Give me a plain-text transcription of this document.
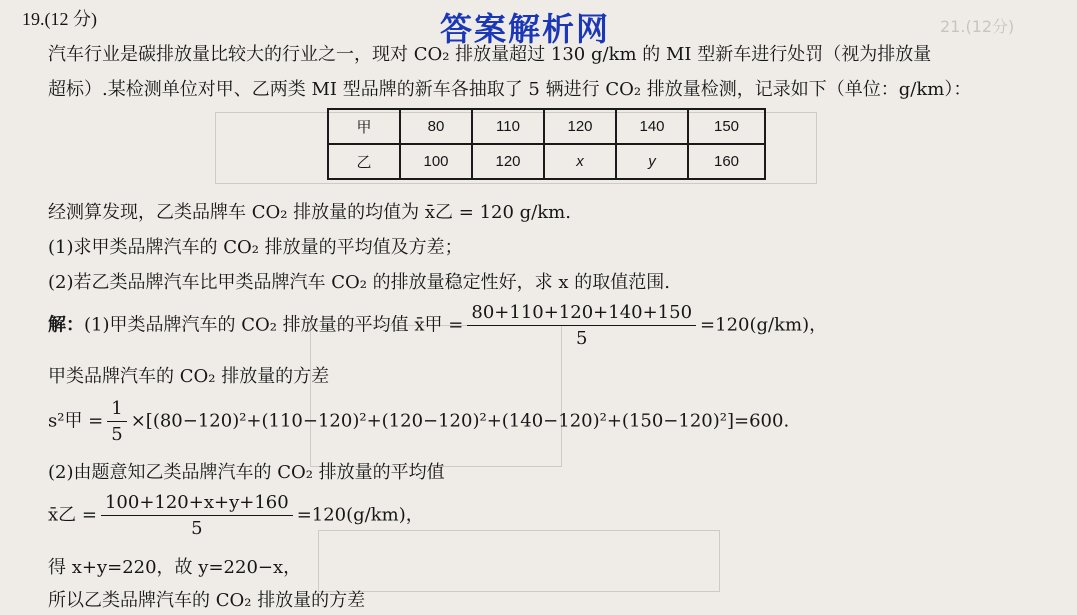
21.(12分)
答案解析网
19.(12 分)
汽车行业是碳排放量比较大的行业之一，现对 CO₂ 排放量超过 130 g/km 的 MI 型新车进行处罚（视为排放量
超标）.某检测单位对甲、乙两类 MI 型品牌的新车各抽取了 5 辆进行 CO₂ 排放量检测，记录如下（单位：g/km）：
甲	80	110	120	140	150
乙	100	120	x	y	160
经测算发现，乙类品牌车 CO₂ 排放量的均值为 x̄乙 = 120 g/km.
(1)求甲类品牌汽车的 CO₂ 排放量的平均值及方差；
(2)若乙类品牌汽车比甲类品牌汽车 CO₂ 的排放量稳定性好，求 x 的取值范围.
解：(1)甲类品牌汽车的 CO₂ 排放量的平均值 x̄甲 = $\frac{80+110+120+140+150}{5} =120(g/km)$，
甲类品牌汽车的 CO₂ 排放量的方差
s²甲 = $\frac{1}{5} \times[(80-120)^2+(110-120)^2+(120-120)^2+(140-120)^2+(150-120)^2]=600$.
(2)由题意知乙类品牌汽车的 CO₂ 排放量的平均值
x̄乙 = $\frac{100+120+x+y+160}{5} =120(g/km)$，
得 x+y=220，故 y=220−x，
所以乙类品牌汽车的 CO₂ 排放量的方差
